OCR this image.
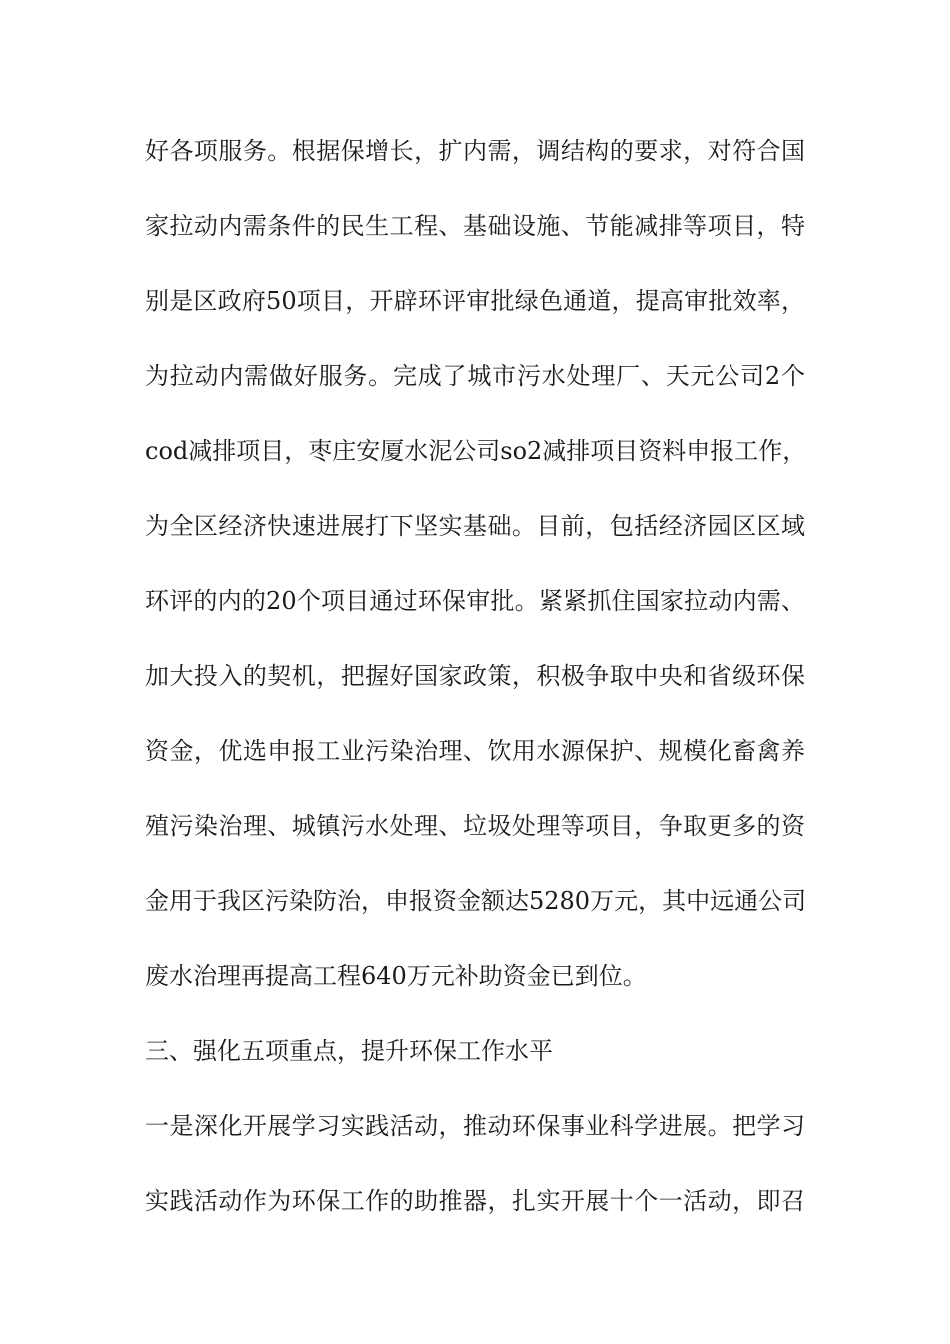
好各项服务。根据保增长，扩内需，调结构的要求，对符合国
家拉动内需条件的民生工程、基础设施、节能减排等项目，特
别是区政府50项目，开辟环评审批绿色通道，提高审批效率，
为拉动内需做好服务。完成了城市污水处理厂、天元公司2个
cod减排项目，枣庄安厦水泥公司so2减排项目资料申报工作，
为全区经济快速进展打下坚实基础。目前，包括经济园区区域
环评的内的20个项目通过环保审批。紧紧抓住国家拉动内需、
加大投入的契机，把握好国家政策，积极争取中央和省级环保
资金，优选申报工业污染治理、饮用水源保护、规模化畜禽养
殖污染治理、城镇污水处理、垃圾处理等项目，争取更多的资
金用于我区污染防治，申报资金额达5280万元，其中远通公司
废水治理再提高工程640万元补助资金已到位。
三、强化五项重点，提升环保工作水平
一是深化开展学习实践活动，推动环保事业科学进展。把学习
实践活动作为环保工作的助推器，扎实开展十个一活动，即召
